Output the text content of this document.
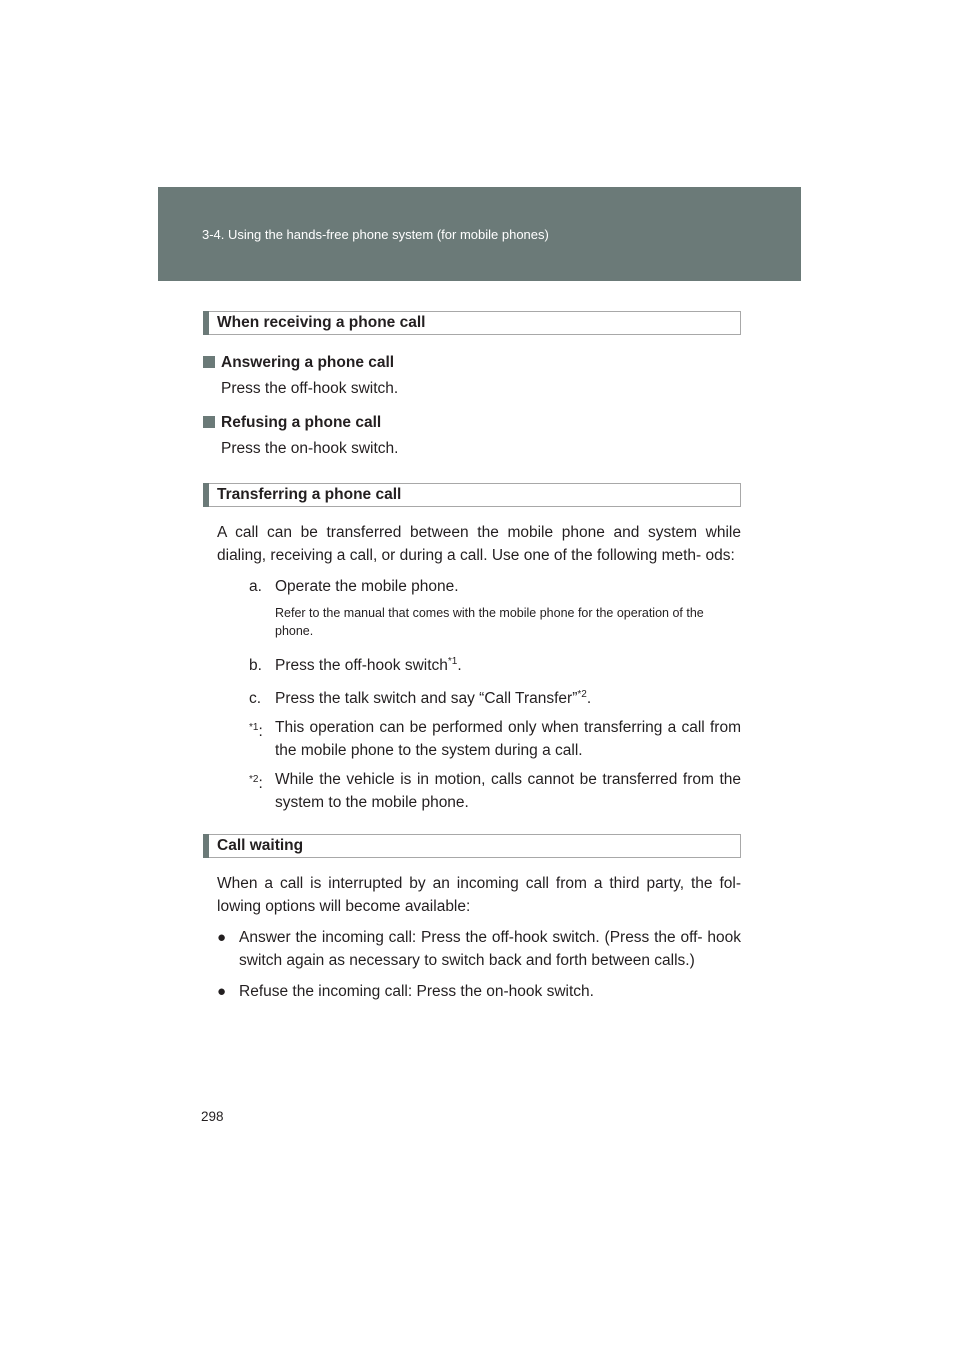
3-4. Using the hands-free phone system (for mobile phones)
When receiving a phone call
Answering a phone call
Press the off-hook switch.
Refusing a phone call
Press the on-hook switch.
Transferring a phone call

A call can be transferred between the mobile phone and system while dialing, receiving a call, or during a call. Use one of the following meth- ods:

a. Operate the mobile phone.
Refer to the manual that comes with the mobile phone for the operation of the phone.
b. Press the off-hook switch$^{*1}$.
c. Press the talk switch and say “Call Transfer”$^{*2}$.
$^{*1}$: This operation can be performed only when transferring a call from the mobile phone to the system during a call.
$^{*2}$: While the vehicle is in motion, calls cannot be transferred from the system to the mobile phone.
Call waiting

When a call is interrupted by an incoming call from a third party, the fol- lowing options will become available:

● Answer the incoming call: Press the off-hook switch. (Press the off- hook switch again as necessary to switch back and forth between calls.)
● Refuse the incoming call: Press the on-hook switch.
298
